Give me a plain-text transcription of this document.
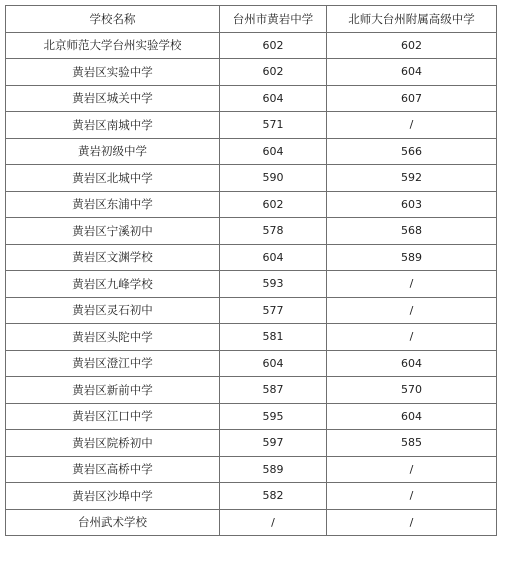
学校名称	台州市黄岩中学	北师大台州附属高级中学
北京师范大学台州实验学校	602	602
黄岩区实验中学	602	604
黄岩区城关中学	604	607
黄岩区南城中学	571	/
黄岩初级中学	604	566
黄岩区北城中学	590	592
黄岩区东浦中学	602	603
黄岩区宁溪初中	578	568
黄岩区文渊学校	604	589
黄岩区九峰学校	593	/
黄岩区灵石初中	577	/
黄岩区头陀中学	581	/
黄岩区澄江中学	604	604
黄岩区新前中学	587	570
黄岩区江口中学	595	604
黄岩区院桥初中	597	585
黄岩区高桥中学	589	/
黄岩区沙埠中学	582	/
台州武术学校	/	/
